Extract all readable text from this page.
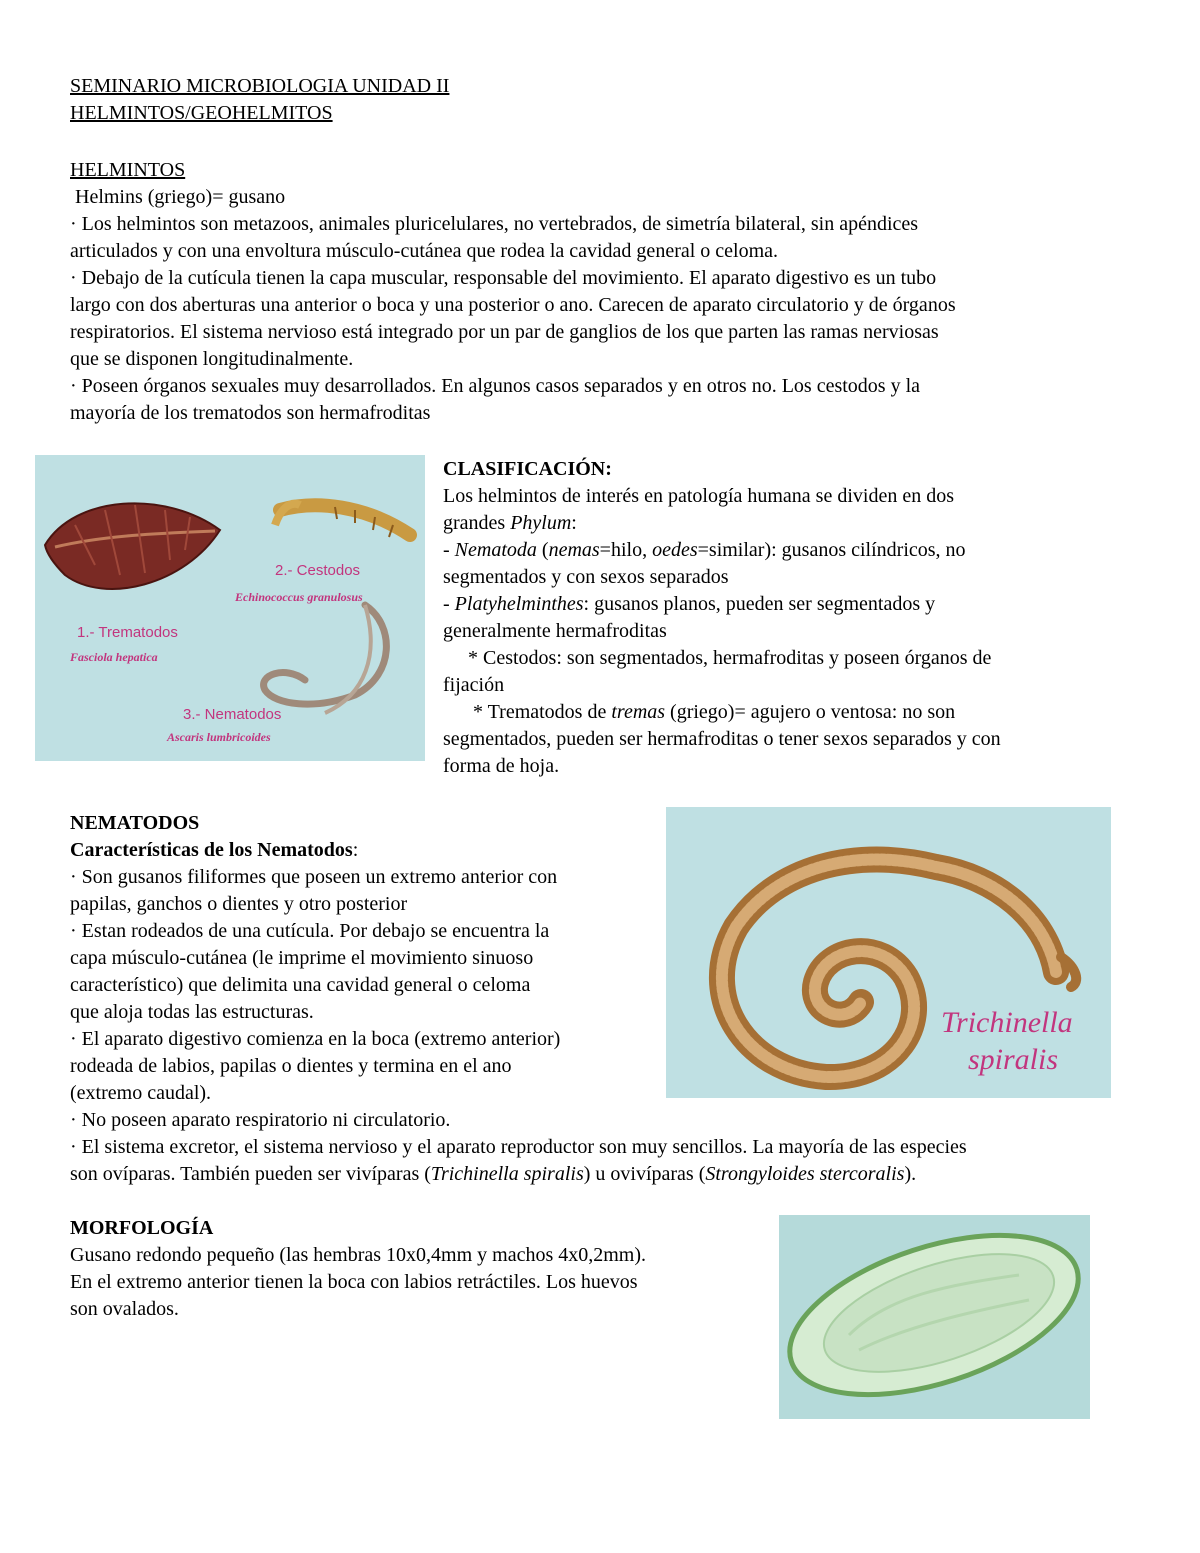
SEMINARIO MICROBIOLOGIA UNIDAD II
HELMINTOS/GEOHELMITOS
HELMINTOS
Helmins (griego)= gusano
· Los helmintos son metazoos, animales pluricelulares, no vertebrados, de simetría bilateral, sin apéndices
articulados y con una envoltura músculo-cutánea que rodea la cavidad general o celoma.
· Debajo de la cutícula tienen la capa muscular, responsable del movimiento. El aparato digestivo es un tubo
largo con dos aberturas una anterior o boca y una posterior o ano. Carecen de aparato circulatorio y de órganos
respiratorios. El sistema nervioso está integrado por un par de ganglios de los que parten las ramas nerviosas
que se disponen longitudinalmente.
· Poseen órganos sexuales muy desarrollados. En algunos casos separados y en otros no. Los cestodos y la
mayoría de los trematodos son hermafroditas
2.- Cestodos
Echinococcus granulosus
1.- Trematodos
Fasciola hepatica
3.- Nematodos
Ascaris lumbricoides
CLASIFICACIÓN:
Los helmintos de interés en patología humana se dividen en dos
grandes Phylum:
- Nematoda (nemas=hilo, oedes=similar): gusanos cilíndricos, no
segmentados y con sexos separados
- Platyhelminthes: gusanos planos, pueden ser segmentados y
generalmente hermafroditas
* Cestodos: son segmentados, hermafroditas y poseen órganos de
fijación
* Trematodos de tremas (griego)= agujero o ventosa: no son
segmentados, pueden ser hermafroditas o tener sexos separados y con
forma de hoja.
Trichinella
spiralis
NEMATODOS
Características de los Nematodos:
· Son gusanos filiformes que poseen un extremo anterior con
papilas, ganchos o dientes y otro posterior
· Estan rodeados de una cutícula. Por debajo se encuentra la
capa músculo-cutánea (le imprime el movimiento sinuoso
característico) que delimita una cavidad general o celoma
que aloja todas las estructuras.
· El aparato digestivo comienza en la boca (extremo anterior)
rodeada de labios, papilas o dientes y termina en el ano
(extremo caudal).
· No poseen aparato respiratorio ni circulatorio.
· El sistema excretor, el sistema nervioso y el aparato reproductor son muy sencillos. La mayoría de las especies
son ovíparas. También pueden ser vivíparas (Trichinella spiralis) u ovivíparas (Strongyloides stercoralis).
MORFOLOGÍA
Gusano redondo pequeño (las hembras 10x0,4mm y machos 4x0,2mm).
En el extremo anterior tienen la boca con labios retráctiles. Los huevos
son ovalados.
